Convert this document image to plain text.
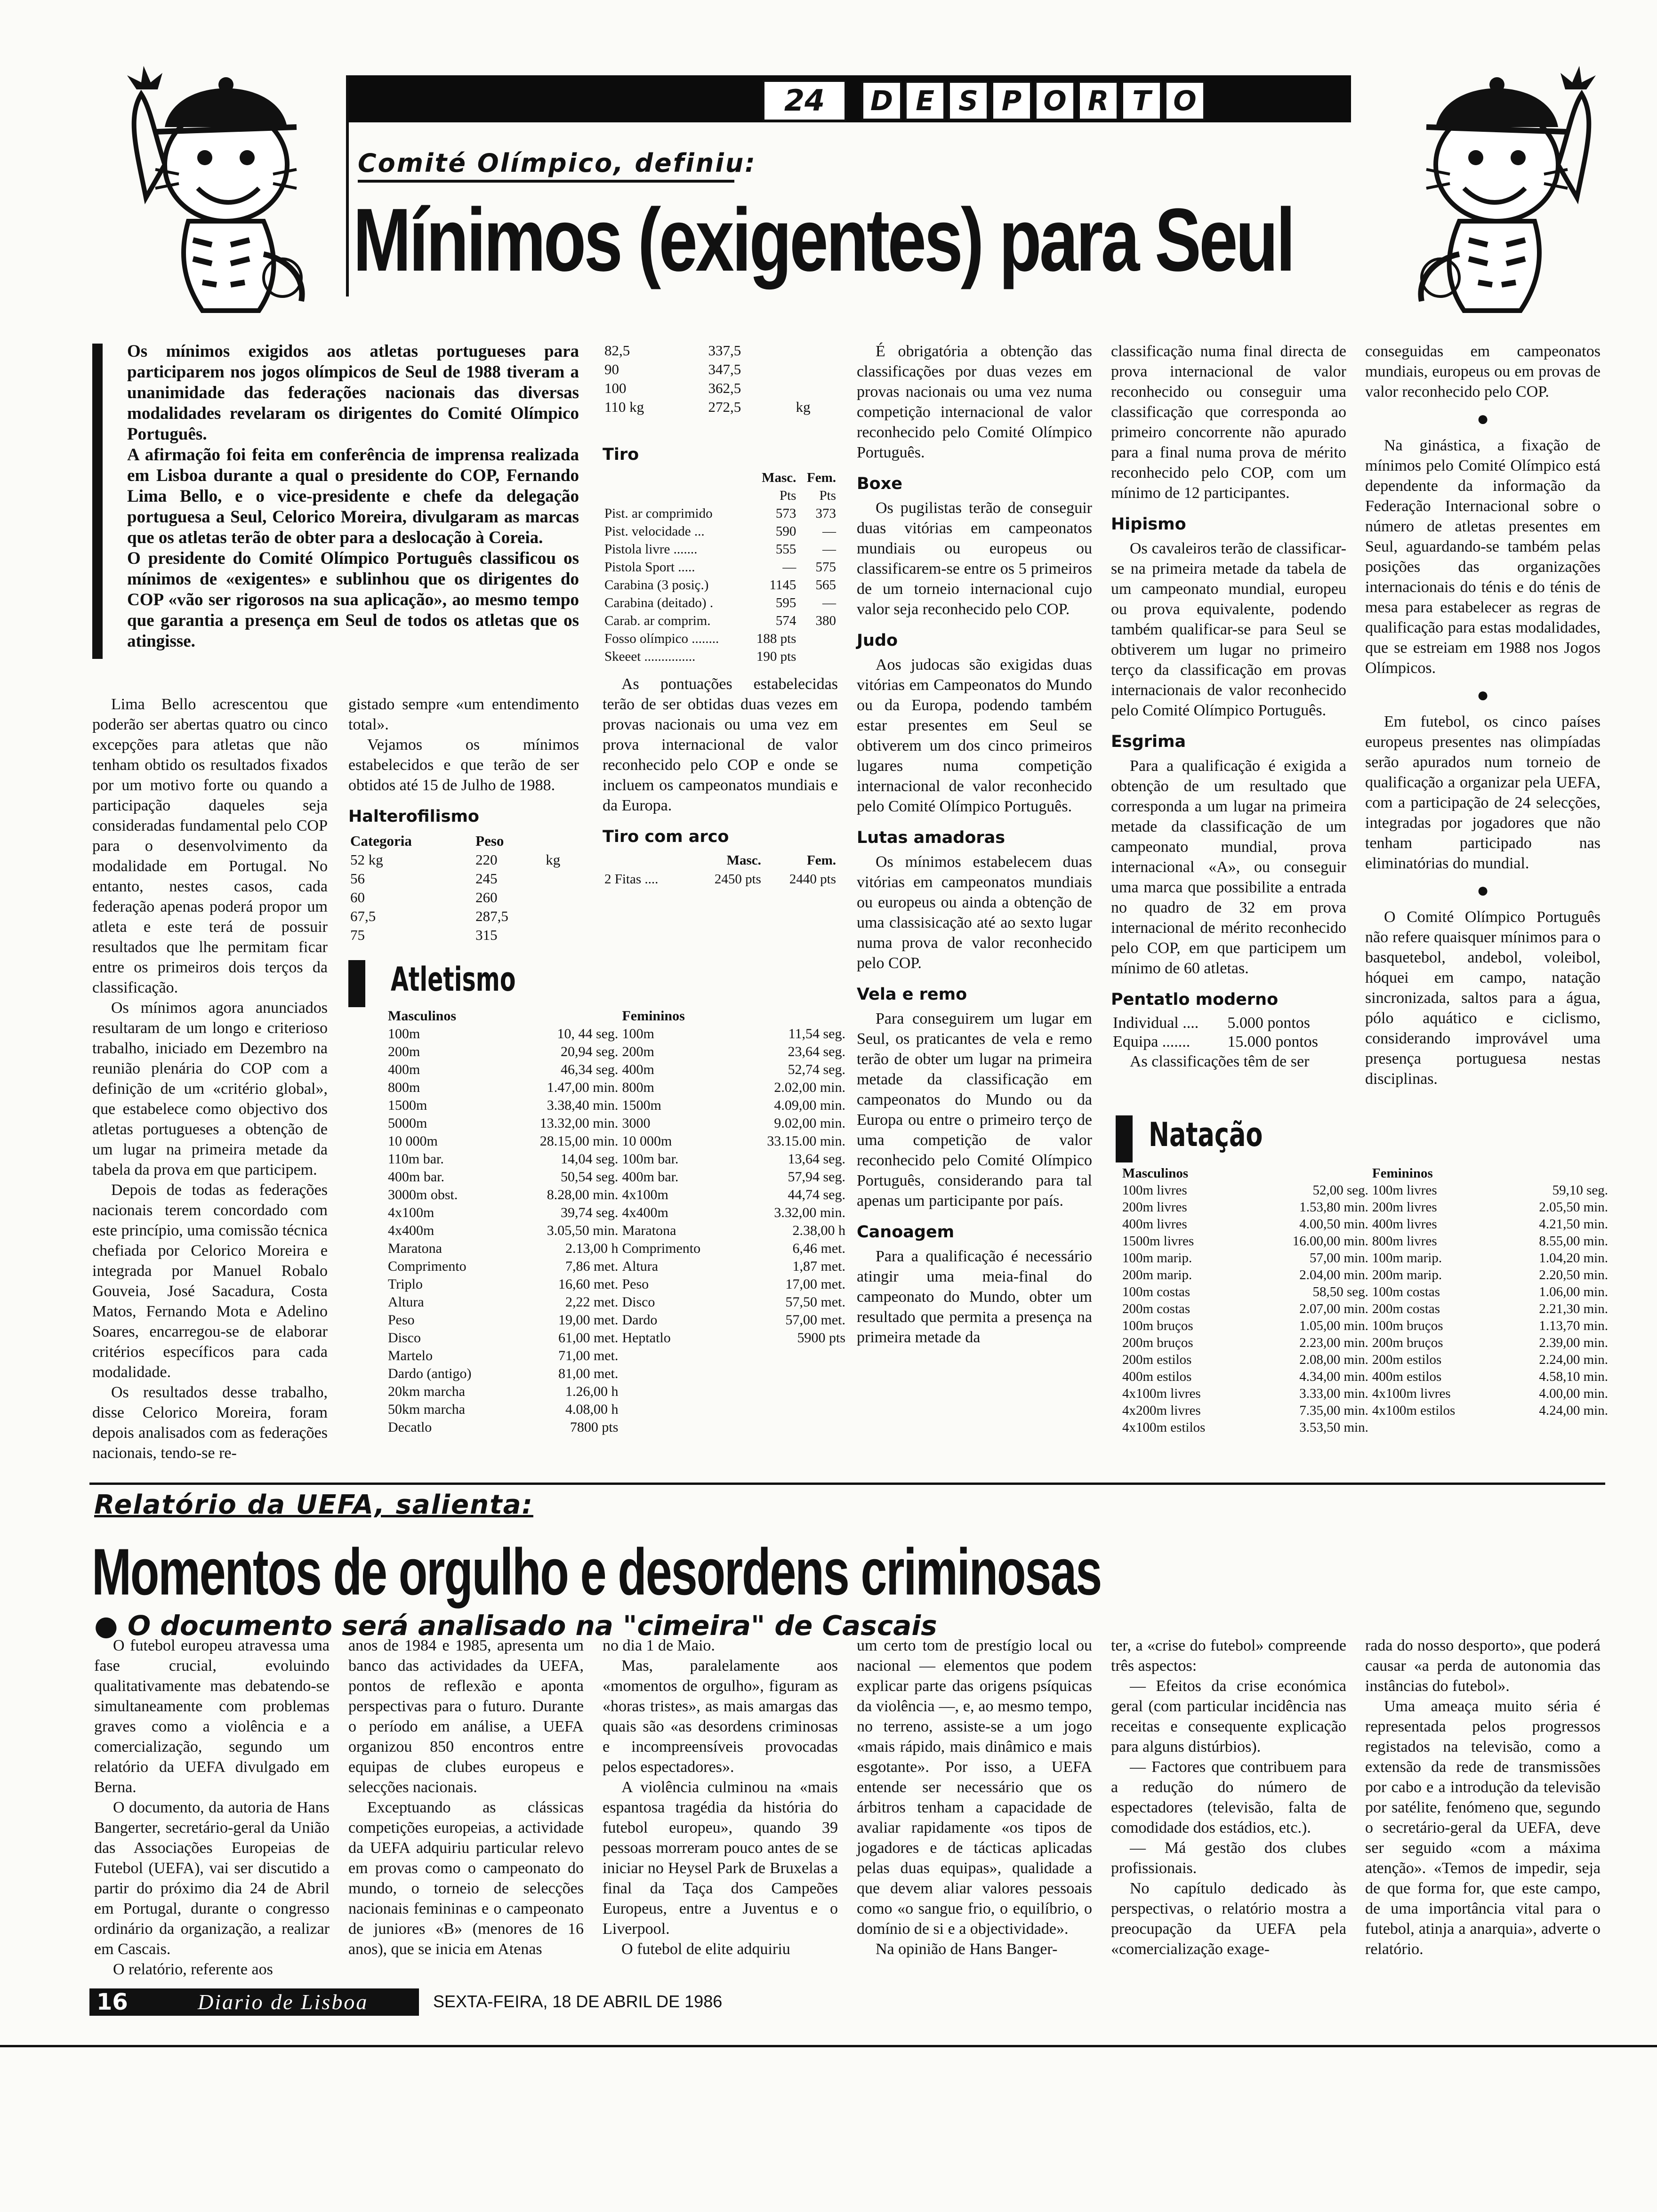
24	D E S P O R T O
Comité Olímpico, definiu:
Mínimos (exigentes) para Seul

Os mínimos exigidos aos atletas portugueses para participarem nos jogos olímpicos de Seul de 1988 tiveram a unanimidade das federações nacionais das diversas modalidades revelaram os dirigentes do Comité Olímpico Português.

A afirmação foi feita em conferência de imprensa realizada em Lisboa durante a qual o presidente do COP, Fernando Lima Bello, e o vice-presidente e chefe da delegação portuguesa a Seul, Celorico Moreira, divulgaram as marcas que os atletas terão de obter para a deslocação à Coreia.

O presidente do Comité Olímpico Português classificou os mínimos de «exigentes» e sublinhou que os dirigentes do COP «vão ser rigorosos na sua aplicação», ao mesmo tempo que garantia a presença em Seul de todos os atletas que os atingisse.

Lima Bello acrescentou que poderão ser abertas quatro ou cinco excepções para atletas que não tenham obtido os resultados fixados por um motivo forte ou quando a participação daqueles seja consideradas fundamental pelo COP para o desenvolvimento da modalidade em Portugal. No entanto, nestes casos, cada federação apenas poderá propor um atleta e este terá de possuir resultados que lhe permitam ficar entre os primeiros dois terços da classificação.

Os mínimos agora anunciados resultaram de um longo e criterioso trabalho, iniciado em Dezembro na reunião plenária do COP com a definição de um «critério global», que estabelece como objectivo dos atletas portugueses a obtenção de um lugar na primeira metade da tabela da prova em que participem.

Depois de todas as federações nacionais terem concordado com este princípio, uma comissão técnica chefiada por Celorico Moreira e integrada por Manuel Robalo Gouveia, José Sacadura, Costa Matos, Fernando Mota e Adelino Soares, encarregou-se de elaborar critérios específicos para cada modalidade.

Os resultados desse trabalho, disse Celorico Moreira, foram depois analisados com as federações nacionais, tendo-se re-

gistado sempre «um entendimento total».

Vejamos os mínimos estabelecidos e que terão de ser obtidos até 15 de Julho de 1988.

Halterofilismo
Categoria	Peso	
52 kg	220	kg
56	245	
60	260	
67,5	287,5	
75	315	
Atletismo
Masculinos		Femininos	
100m	10, 44 seg.	100m	11,54 seg.
200m	20,94 seg.	200m	23,64 seg.
400m	46,34 seg.	400m	52,74 seg.
800m	1.47,00 min.	800m	2.02,00 min.
1500m	3.38,40 min.	1500m	4.09,00 min.
5000m	13.32,00 min.	3000	9.02,00 min.
10 000m	28.15,00 min.	10 000m	33.15.00 min.
110m bar.	14,04 seg.	100m bar.	13,64 seg.
400m bar.	50,54 seg.	400m bar.	57,94 seg.
3000m obst.	8.28,00 min.	4x100m	44,74 seg.
4x100m	39,74 seg.	4x400m	3.32,00 min.
4x400m	3.05,50 min.	Maratona	2.38,00 h
Maratona	2.13,00 h	Comprimento	6,46 met.
Comprimento	7,86 met.	Altura	1,87 met.
Triplo	16,60 met.	Peso	17,00 met.
Altura	2,22 met.	Disco	57,50 met.
Peso	19,00 met.	Dardo	57,00 met.
Disco	61,00 met.	Heptatlo	5900 pts
Martelo	71,00 met.		
Dardo (antigo)	81,00 met.		
20km marcha	1.26,00 h		
50km marcha	4.08,00 h		
Decatlo	7800 pts		
82,5	337,5	
90	347,5	
100	362,5	
110 kg	272,5	kg
Tiro
	Masc.	Fem.
	Pts	Pts
Pist. ar comprimido	573	373
Pist. velocidade ...	590	—
Pistola livre .......	555	—
Pistola Sport .....	—	575
Carabina (3 posiç.)	1145	565
Carabina (deitado) .	595	—
Carab. ar comprim.	574	380
Fosso olímpico ........	188 pts	
Skeeet ...............	190 pts	

As pontuações estabelecidas terão de ser obtidas duas vezes em provas nacionais ou uma vez em prova internacional de valor reconhecido pelo COP e onde se incluem os campeonatos mundiais e da Europa.

Tiro com arco
	Masc.	Fem.
2 Fitas ....	2450 pts	2440 pts

É obrigatória a obtenção das classificações por duas vezes em provas nacionais ou uma vez numa competição internacional de valor reconhecido pelo Comité Olímpico Português.

Boxe

Os pugilistas terão de conseguir duas vitórias em campeonatos mundiais ou europeus ou classificarem-se entre os 5 primeiros de um torneio internacional cujo valor seja reconhecido pelo COP.

Judo

Aos judocas são exigidas duas vitórias em Campeonatos do Mundo ou da Europa, podendo também estar presentes em Seul se obtiverem um dos cinco primeiros lugares numa competição internacional de valor reconhecido pelo Comité Olímpico Português.

Lutas amadoras

Os mínimos estabelecem duas vitórias em campeonatos mundiais ou europeus ou ainda a obtenção de uma classisicação até ao sexto lugar numa prova de valor reconhecido pelo COP.

Vela e remo

Para conseguirem um lugar em Seul, os praticantes de vela e remo terão de obter um lugar na primeira metade da classificação em campeonatos do Mundo ou da Europa ou entre o primeiro terço de uma competição de valor reconhecido pelo Comité Olímpico Português, considerando para tal apenas um participante por país.

Canoagem

Para a qualificação é necessário atingir uma meia-final do campeonato do Mundo, obter um resultado que permita a presença na primeira metade da

classificação numa final directa de prova internacional de valor reconhecido ou conseguir uma classificação que corresponda ao primeiro concorrente não apurado para a final numa prova de mérito reconhecido pelo COP, com um mínimo de 12 participantes.

Hipismo

Os cavaleiros terão de classificar-se na primeira metade da tabela de um campeonato mundial, europeu ou prova equivalente, podendo também qualificar-se para Seul se obtiverem um lugar no primeiro terço da classificação em provas internacionais de valor reconhecido pelo Comité Olímpico Português.

Esgrima

Para a qualificação é exigida a obtenção de um resultado que corresponda a um lugar na primeira metade da classificação de um campeonato mundial, prova internacional «A», ou conseguir uma marca que possibilite a entrada no quadro de 32 em prova internacional de mérito reconhecido pelo COP, em que participem um mínimo de 60 atletas.

Pentatlo moderno
Individual ....	5.000 pontos
Equipa .......	15.000 pontos

As classificações têm de ser

conseguidas em campeonatos mundiais, europeus ou em provas de valor reconhecido pelo COP.

●

Na ginástica, a fixação de mínimos pelo Comité Olímpico está dependente da informação da Federação Internacional sobre o número de atletas presentes em Seul, aguardando-se também pelas posições das organizações internacionais do ténis e do ténis de mesa para estabelecer as regras de qualificação para estas modalidades, que se estreiam em 1988 nos Jogos Olímpicos.

●

Em futebol, os cinco países europeus presentes nas olimpíadas serão apurados num torneio de qualificação a organizar pela UEFA, com a participação de 24 selecções, integradas por jogadores que não tenham participado nas eliminatórias do mundial.

●

O Comité Olímpico Português não refere quaisquer mínimos para o basquetebol, andebol, voleibol, hóquei em campo, natação sincronizada, saltos para a água, pólo aquático e ciclismo, considerando improvável uma presença portuguesa nestas disciplinas.

Natação
Masculinos		Femininos	
100m livres	52,00 seg.	100m livres	59,10 seg.
200m livres	1.53,80 min.	200m livres	2.05,50 min.
400m livres	4.00,50 min.	400m livres	4.21,50 min.
1500m livres	16.00,00 min.	800m livres	8.55,00 min.
100m marip.	57,00 min.	100m marip.	1.04,20 min.
200m marip.	2.04,00 min.	200m marip.	2.20,50 min.
100m costas	58,50 seg.	100m costas	1.06,00 min.
200m costas	2.07,00 min.	200m costas	2.21,30 min.
100m bruços	1.05,00 min.	100m bruços	1.13,70 min.
200m bruços	2.23,00 min.	200m bruços	2.39,00 min.
200m estilos	2.08,00 min.	200m estilos	2.24,00 min.
400m estilos	4.34,00 min.	400m estilos	4.58,10 min.
4x100m livres	3.33,00 min.	4x100m livres	4.00,00 min.
4x200m livres	7.35,00 min.	4x100m estilos	4.24,00 min.
4x100m estilos	3.53,50 min.		
Relatório da UEFA, salienta:
Momentos de orgulho e desordens criminosas
● O documento será analisado na "cimeira" de Cascais

O futebol europeu atravessa uma fase crucial, evoluindo qualitativamente mas debatendo-se simultaneamente com problemas graves como a violência e a comercialização, segundo um relatório da UEFA divulgado em Berna.

O documento, da autoria de Hans Bangerter, secretário-geral da União das Associações Europeias de Futebol (UEFA), vai ser discutido a partir do próximo dia 24 de Abril em Portugal, durante o congresso ordinário da organização, a realizar em Cascais.

O relatório, referente aos

anos de 1984 e 1985, apresenta um banco das actividades da UEFA, pontos de reflexão e aponta perspectivas para o futuro. Durante o período em análise, a UEFA organizou 850 encontros entre equipas de clubes europeus e selecções nacionais.

Exceptuando as clássicas competições europeias, a actividade da UEFA adquiriu particular relevo em provas como o campeonato do mundo, o torneio de selecções nacionais femininas e o campeonato de juniores «B» (menores de 16 anos), que se inicia em Atenas

no dia 1 de Maio.

Mas, paralelamente aos «momentos de orgulho», figuram as «horas tristes», as mais amargas das quais são «as desordens criminosas e incompreensíveis provocadas pelos espectadores».

A violência culminou na «mais espantosa tragédia da história do futebol europeu», quando 39 pessoas morreram pouco antes de se iniciar no Heysel Park de Bruxelas a final da Taça dos Campeões Europeus, entre a Juventus e o Liverpool.

O futebol de elite adquiriu

um certo tom de prestígio local ou nacional — elementos que podem explicar parte das origens psíquicas da violência —, e, ao mesmo tempo, no terreno, assiste-se a um jogo «mais rápido, mais dinâmico e mais esgotante». Por isso, a UEFA entende ser necessário que os árbitros tenham a capacidade de avaliar rapidamente «os tipos de jogadores e de tácticas aplicadas pelas duas equipas», qualidade a que devem aliar valores pessoais como «o sangue frio, o equilíbrio, o domínio de si e a objectividade».

Na opinião de Hans Banger-

ter, a «crise do futebol» compreende três aspectos:

— Efeitos da crise económica geral (com particular incidência nas receitas e consequente explicação para alguns distúrbios).

— Factores que contribuem para a redução do número de espectadores (televisão, falta de comodidade dos estádios, etc.).

— Má gestão dos clubes profissionais.

No capítulo dedicado às perspectivas, o relatório mostra a preocupação da UEFA pela «comercialização exage-

rada do nosso desporto», que poderá causar «a perda de autonomia das instâncias do futebol».

Uma ameaça muito séria é representada pelos progressos registados na televisão, como a extensão da rede de transmissões por cabo e a introdução da televisão por satélite, fenómeno que, segundo o secretário-geral da UEFA, deve ser seguido «com a máxima atenção». «Temos de impedir, seja de que forma for, que este campo, de uma importância vital para o futebol, atinja a anarquia», adverte o relatório.

16	Diario de Lisboa	SEXTA-FEIRA, 18 DE ABRIL DE 1986
